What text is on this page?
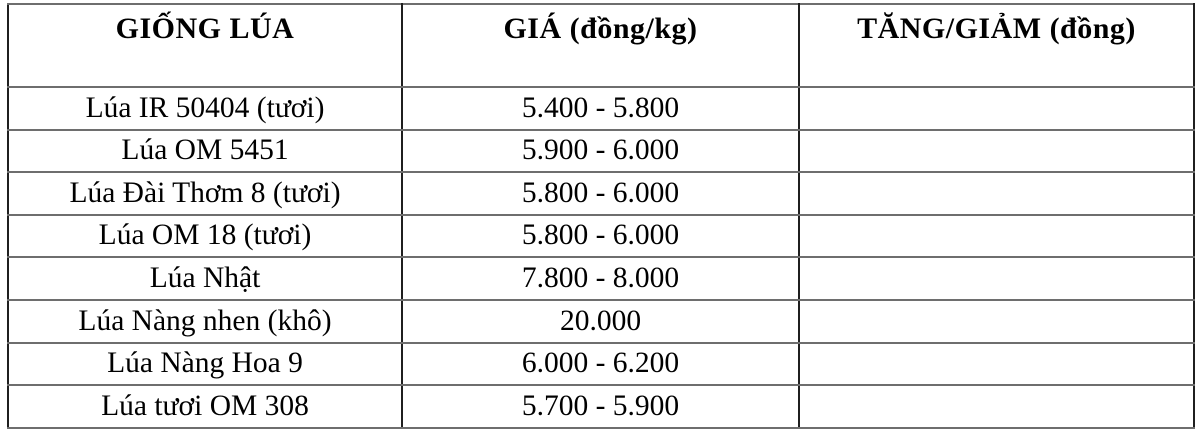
GIỐNG LÚA	GIÁ (đồng/kg)	TĂNG/GIẢM (đồng)
Lúa IR 50404 (tươi)	5.400 - 5.800	
Lúa OM 5451	5.900 - 6.000	
Lúa Đài Thơm 8 (tươi)	5.800 - 6.000	
Lúa OM 18 (tươi)	5.800 - 6.000	
Lúa Nhật	7.800 - 8.000	
Lúa Nàng nhen (khô)	20.000	
Lúa Nàng Hoa 9	6.000 - 6.200	
Lúa tươi OM 308	5.700 - 5.900	
